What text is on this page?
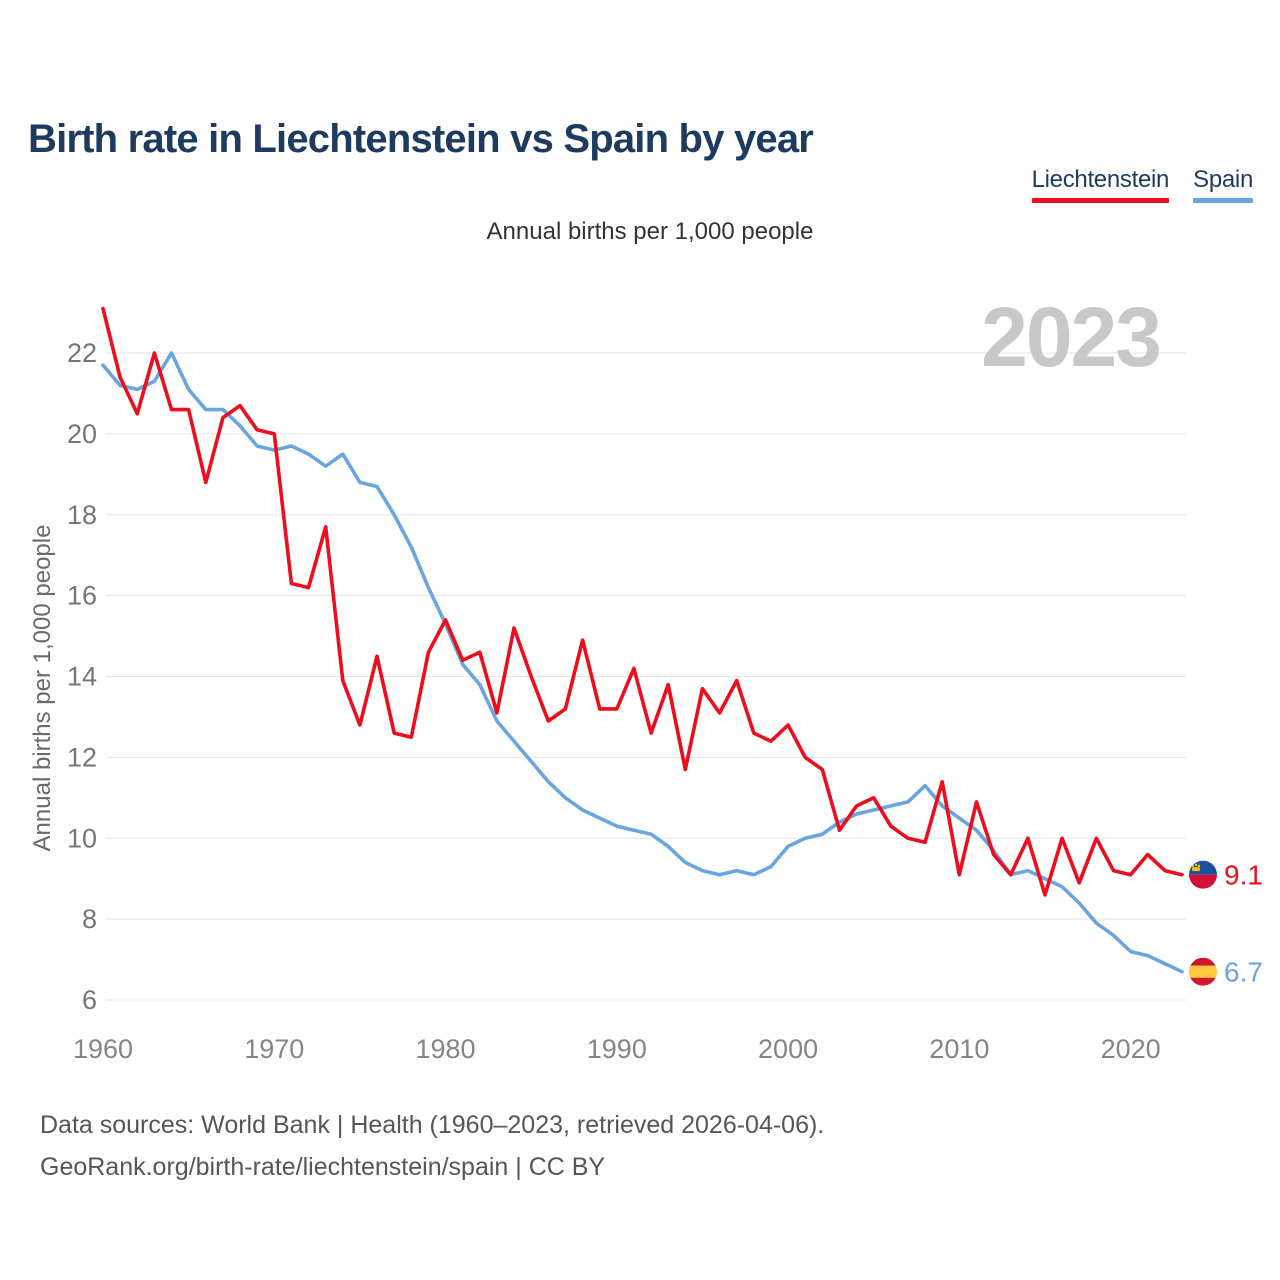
Birth rate in Liechtenstein vs Spain by year
Liechtenstein Spain
Annual births per 1,000 people
2023
6
8
10
12
14
16
18
20
22
1960	1970	1980	1990	2000	2010	2020
Annual births per 1,000 people
9.1
6.7
Data sources: World Bank | Health (1960–2023, retrieved 2026-04-06).
GeoRank.org/birth-rate/liechtenstein/spain | CC BY
